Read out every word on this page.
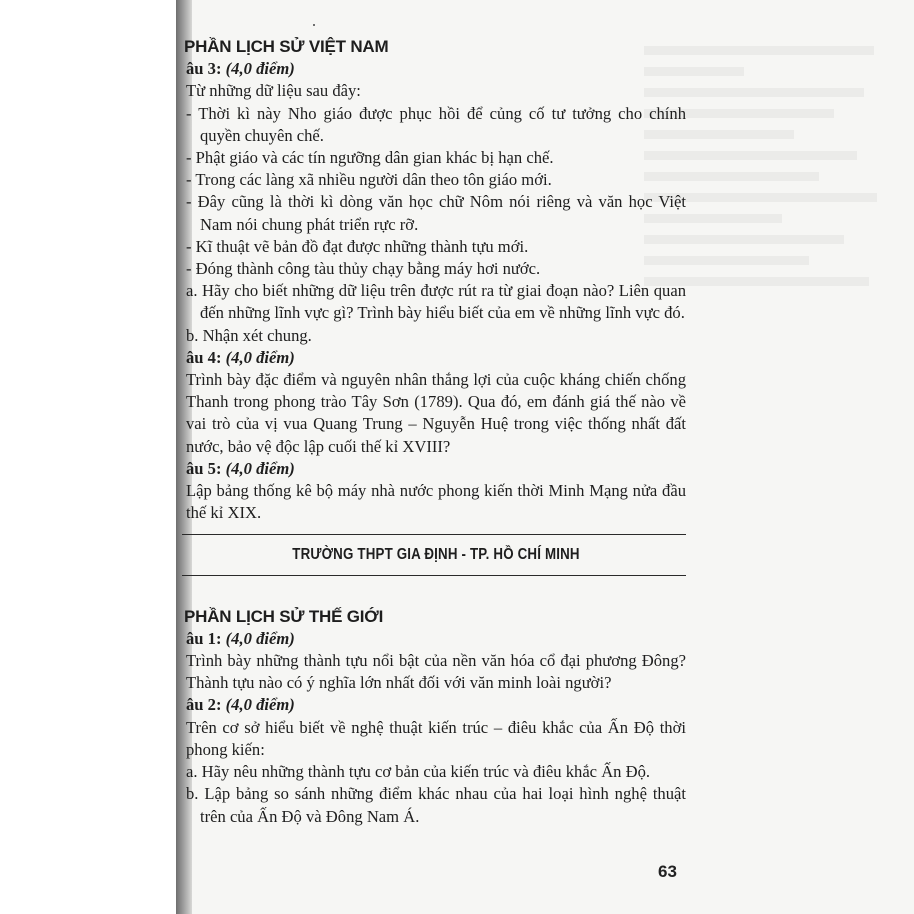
PHẦN LỊCH SỬ VIỆT NAM
âu 3: (4,0 điểm)

Từ những dữ liệu sau đây:

- Thời kì này Nho giáo được phục hồi để củng cố tư tưởng cho chính quyền chuyên chế.

- Phật giáo và các tín ngưỡng dân gian khác bị hạn chế.

- Trong các làng xã nhiều người dân theo tôn giáo mới.

- Đây cũng là thời kì dòng văn học chữ Nôm nói riêng và văn học Việt Nam nói chung phát triển rực rỡ.

- Kĩ thuật vẽ bản đồ đạt được những thành tựu mới.

- Đóng thành công tàu thủy chạy bằng máy hơi nước.

a. Hãy cho biết những dữ liệu trên được rút ra từ giai đoạn nào? Liên quan đến những lĩnh vực gì? Trình bày hiểu biết của em về những lĩnh vực đó.

b. Nhận xét chung.

âu 4: (4,0 điểm)

Trình bày đặc điểm và nguyên nhân thắng lợi của cuộc kháng chiến chống Thanh trong phong trào Tây Sơn (1789). Qua đó, em đánh giá thế nào về vai trò của vị vua Quang Trung – Nguyễn Huệ trong việc thống nhất đất nước, bảo vệ độc lập cuối thế kỉ XVIII?

âu 5: (4,0 điểm)

Lập bảng thống kê bộ máy nhà nước phong kiến thời Minh Mạng nửa đầu thế kỉ XIX.

TRƯỜNG THPT GIA ĐỊNH - TP. HỒ CHÍ MINH
PHẦN LỊCH SỬ THẾ GIỚI
âu 1: (4,0 điểm)

Trình bày những thành tựu nổi bật của nền văn hóa cổ đại phương Đông? Thành tựu nào có ý nghĩa lớn nhất đối với văn minh loài người?

âu 2: (4,0 điểm)

Trên cơ sở hiểu biết về nghệ thuật kiến trúc – điêu khắc của Ấn Độ thời phong kiến:

a. Hãy nêu những thành tựu cơ bản của kiến trúc và điêu khắc Ấn Độ.

b. Lập bảng so sánh những điểm khác nhau của hai loại hình nghệ thuật trên của Ấn Độ và Đông Nam Á.

63
